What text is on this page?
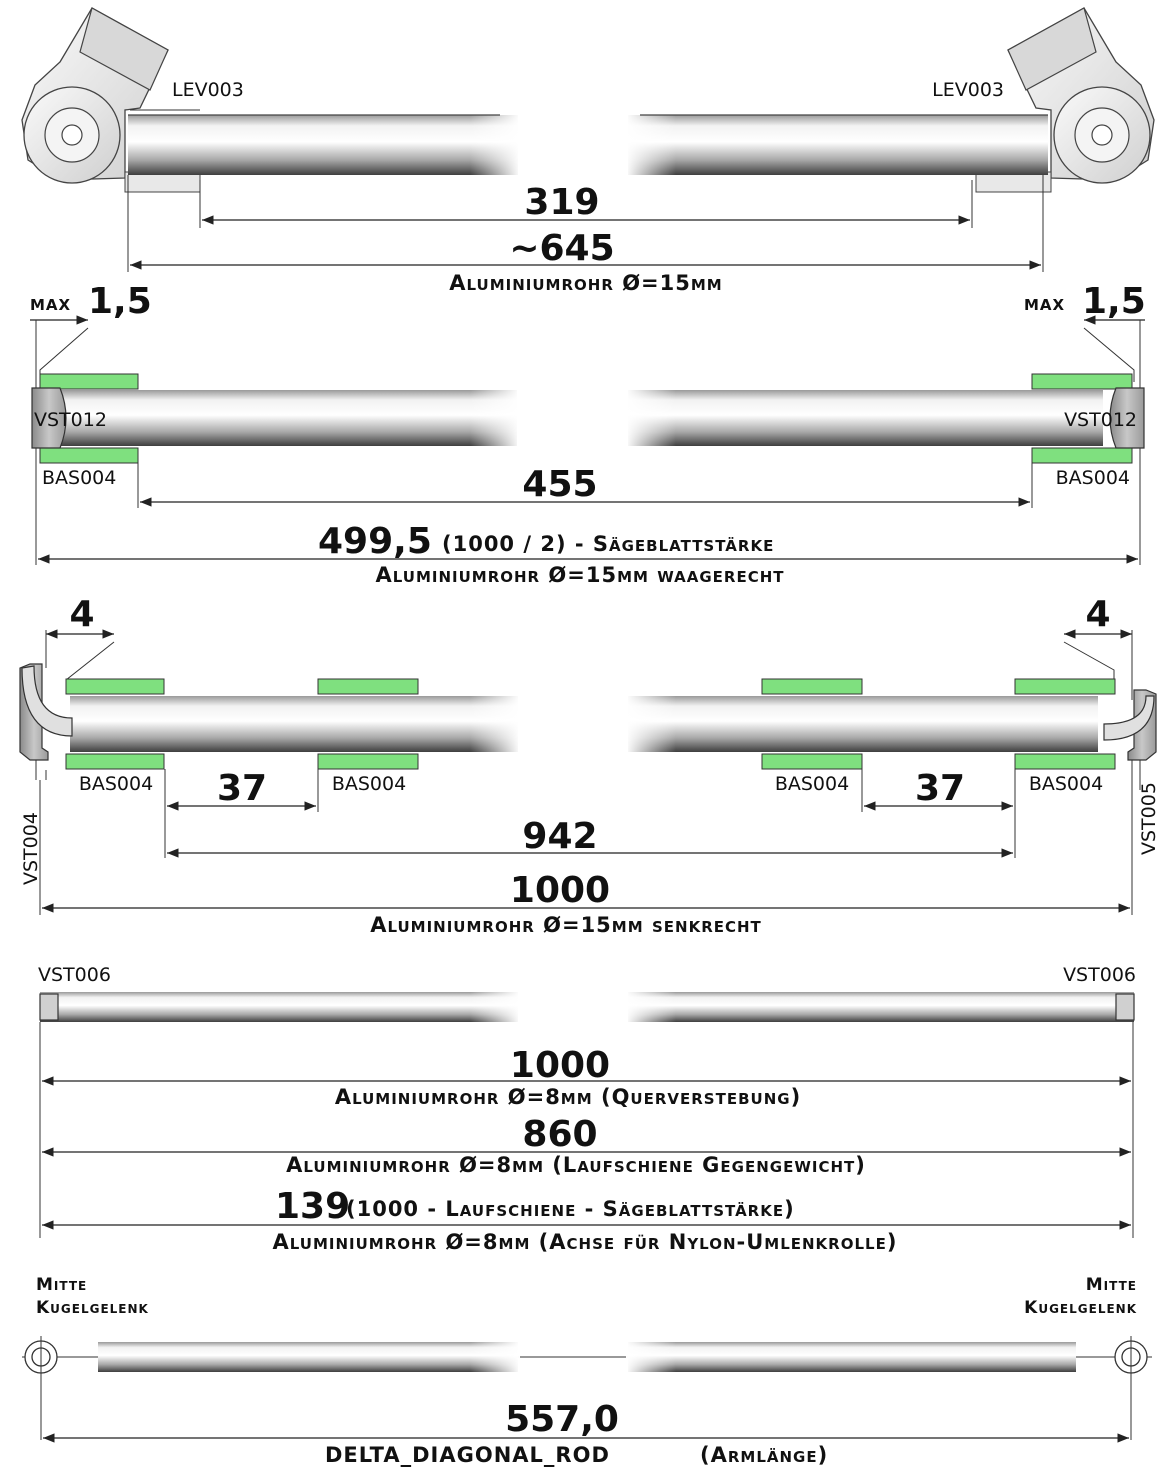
LEV003	LEV003
319
~645
Aluminiumrohr Ø=15mm
max 1,5	max 1,5
VST012	VST012
BAS004	BAS004
455
499,5 (1000 / 2) - Sägeblattstärke
Aluminiumrohr Ø=15mm waagerecht
4	4
BAS004	BAS004	BAS004	BAS004
37	37
942
1000
Aluminiumrohr Ø=15mm senkrecht
VST004	VST005
VST006	VST006
1000
Aluminiumrohr Ø=8mm (Querverstebung)
860
Aluminiumrohr Ø=8mm (Laufschiene Gegengewicht)
139
(1000 - Laufschiene - Sägeblattstärke)
Aluminiumrohr Ø=8mm (Achse für Nylon-Umlenkrolle)
Mitte
Kugelgelenk
Mitte
Kugelgelenk
557,0
DELTA_DIAGONAL_ROD	(Armlänge)
